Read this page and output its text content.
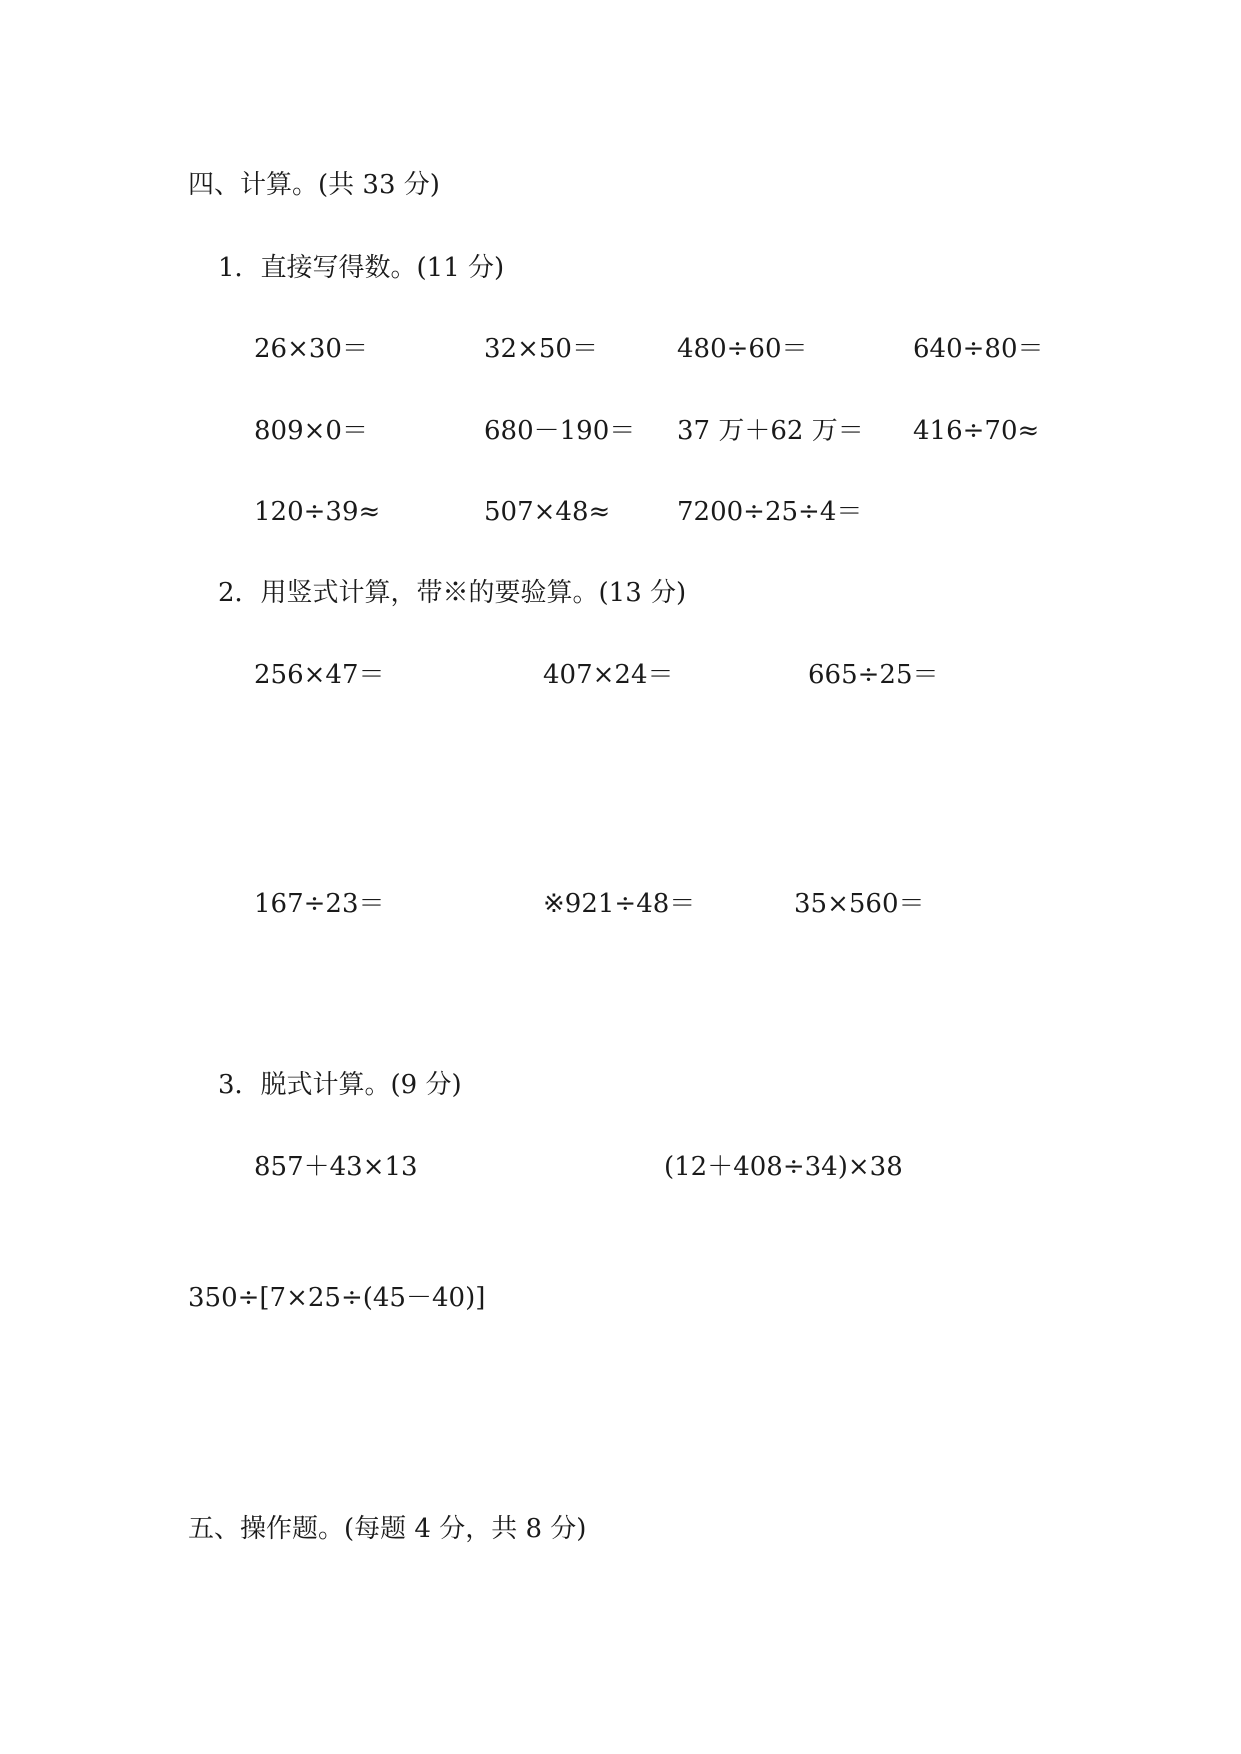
四、计算。(共 33 分)
1．直接写得数。(11 分)
26×30＝	32×50＝	480÷60＝	640÷80＝
809×0＝	680－190＝ 37 万＋62 万＝ 416÷70≈
120÷39≈	507×48≈	7200÷25÷4＝
2．用竖式计算，带※的要验算。(13 分)
256×47＝	407×24＝	665÷25＝
167÷23＝	※921÷48＝	35×560＝
3．脱式计算。(9 分)
857＋43×13	(12＋408÷34)×38
350÷[7×25÷(45－40)]
五、操作题。(每题 4 分，共 8 分)
